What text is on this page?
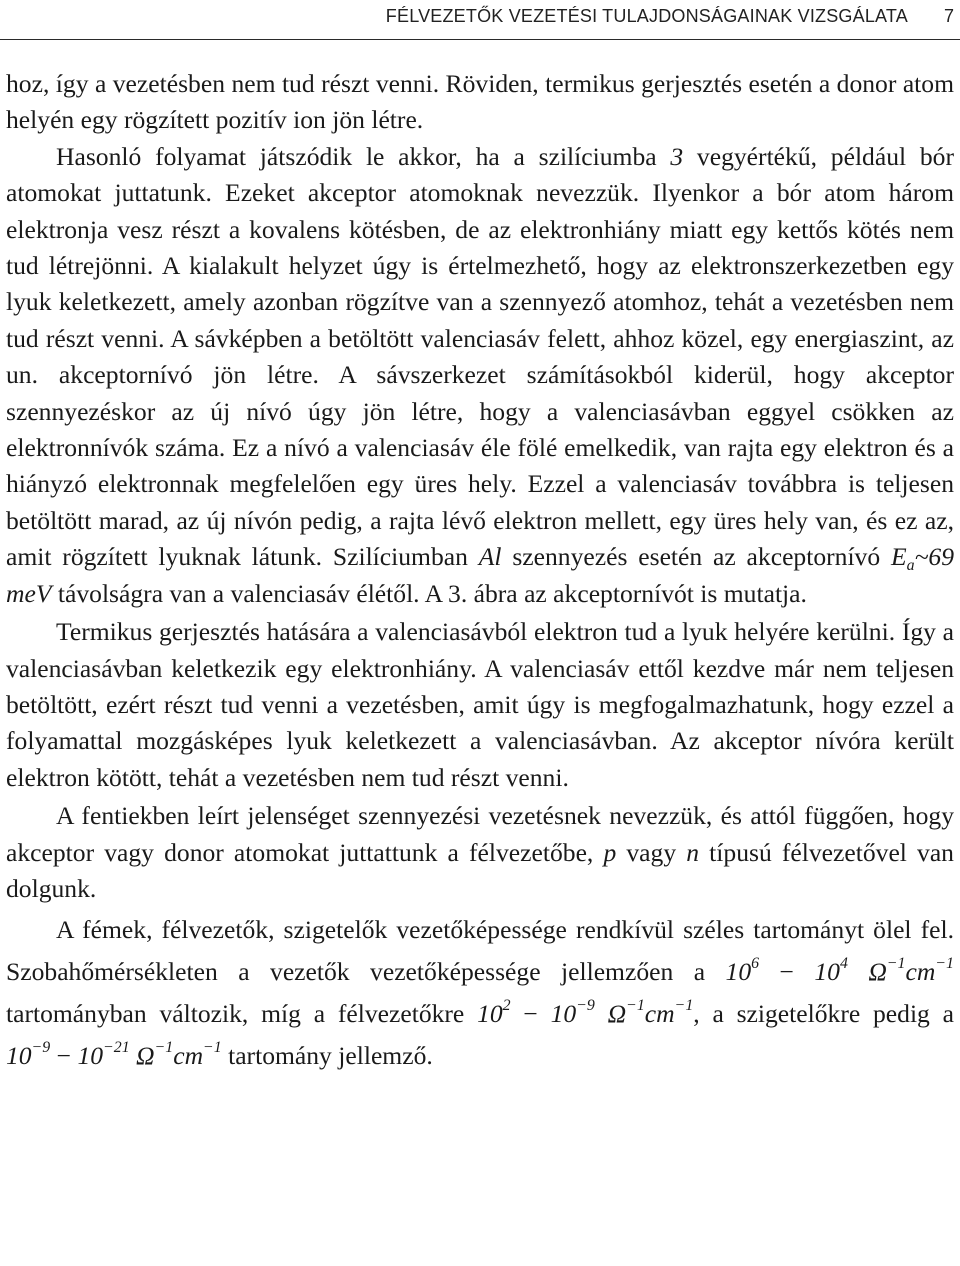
FÉLVEZETŐK VEZETÉSI TULAJDONSÁGAINAK VIZSGÁLATA 7

hoz, így a vezetésben nem tud részt venni. Röviden, termikus gerjesztés esetén a donor atom helyén egy rögzített pozitív ion jön létre.

Hasonló folyamat játszódik le akkor, ha a szilíciumba 3 vegyértékű, például bór atomokat juttatunk. Ezeket akceptor atomoknak nevezzük. Ilyenkor a bór atom három elektronja vesz részt a kovalens kötésben, de az elektronhiány miatt egy kettős kötés nem tud létrejönni. A kialakult helyzet úgy is értelmezhető, hogy az elektronszerkezetben egy lyuk keletkezett, amely azonban rögzítve van a szennyező atomhoz, tehát a vezetésben nem tud részt venni. A sávképben a betöltött valenciasáv felett, ahhoz közel, egy energiaszint, az un. akceptornívó jön létre. A sávszerkezet számításokból kiderül, hogy akceptor szennyezéskor az új nívó úgy jön létre, hogy a valenciasávban eggyel csökken az elektronnívók száma. Ez a nívó a valenciasáv éle fölé emelkedik, van rajta egy elektron és a hiányzó elektronnak megfelelően egy üres hely. Ezzel a valenciasáv továbbra is teljesen betöltött marad, az új nívón pedig, a rajta lévő elektron mellett, egy üres hely van, és ez az, amit rögzített lyuknak látunk. Szilíciumban Al szennyezés esetén az akceptornívó $E_a\sim 69$ meV távolságra van a valenciasáv élétől. A 3. ábra az akceptornívót is mutatja.

Termikus gerjesztés hatására a valenciasávból elektron tud a lyuk helyére kerülni. Így a valenciasávban keletkezik egy elektronhiány. A valenciasáv ettől kezdve már nem teljesen betöltött, ezért részt tud venni a vezetésben, amit úgy is megfogalmazhatunk, hogy ezzel a folyamattal mozgásképes lyuk keletkezett a valenciasávban. Az akceptor nívóra került elektron kötött, tehát a vezetésben nem tud részt venni.

A fentiekben leírt jelenséget szennyezési vezetésnek nevezzük, és attól függően, hogy akceptor vagy donor atomokat juttattunk a félvezetőbe, p vagy n típusú félvezetővel van dolgunk.

A fémek, félvezetők, szigetelők vezetőképessége rendkívül széles tartományt ölel fel. Szobahőmérsékleten a vezetők vezetőképessége jellemzően a $10^6 - 10^4$ $\Omega^{-1}cm^{-1}$ tartományban változik, míg a félvezetőkre $10^2 - 10^{-9}$ $\Omega^{-1}cm^{-1}$, a szigetelőkre pedig a $10^{-9} - 10^{-21}$ $\Omega^{-1}cm^{-1}$ tartomány jellemző.
